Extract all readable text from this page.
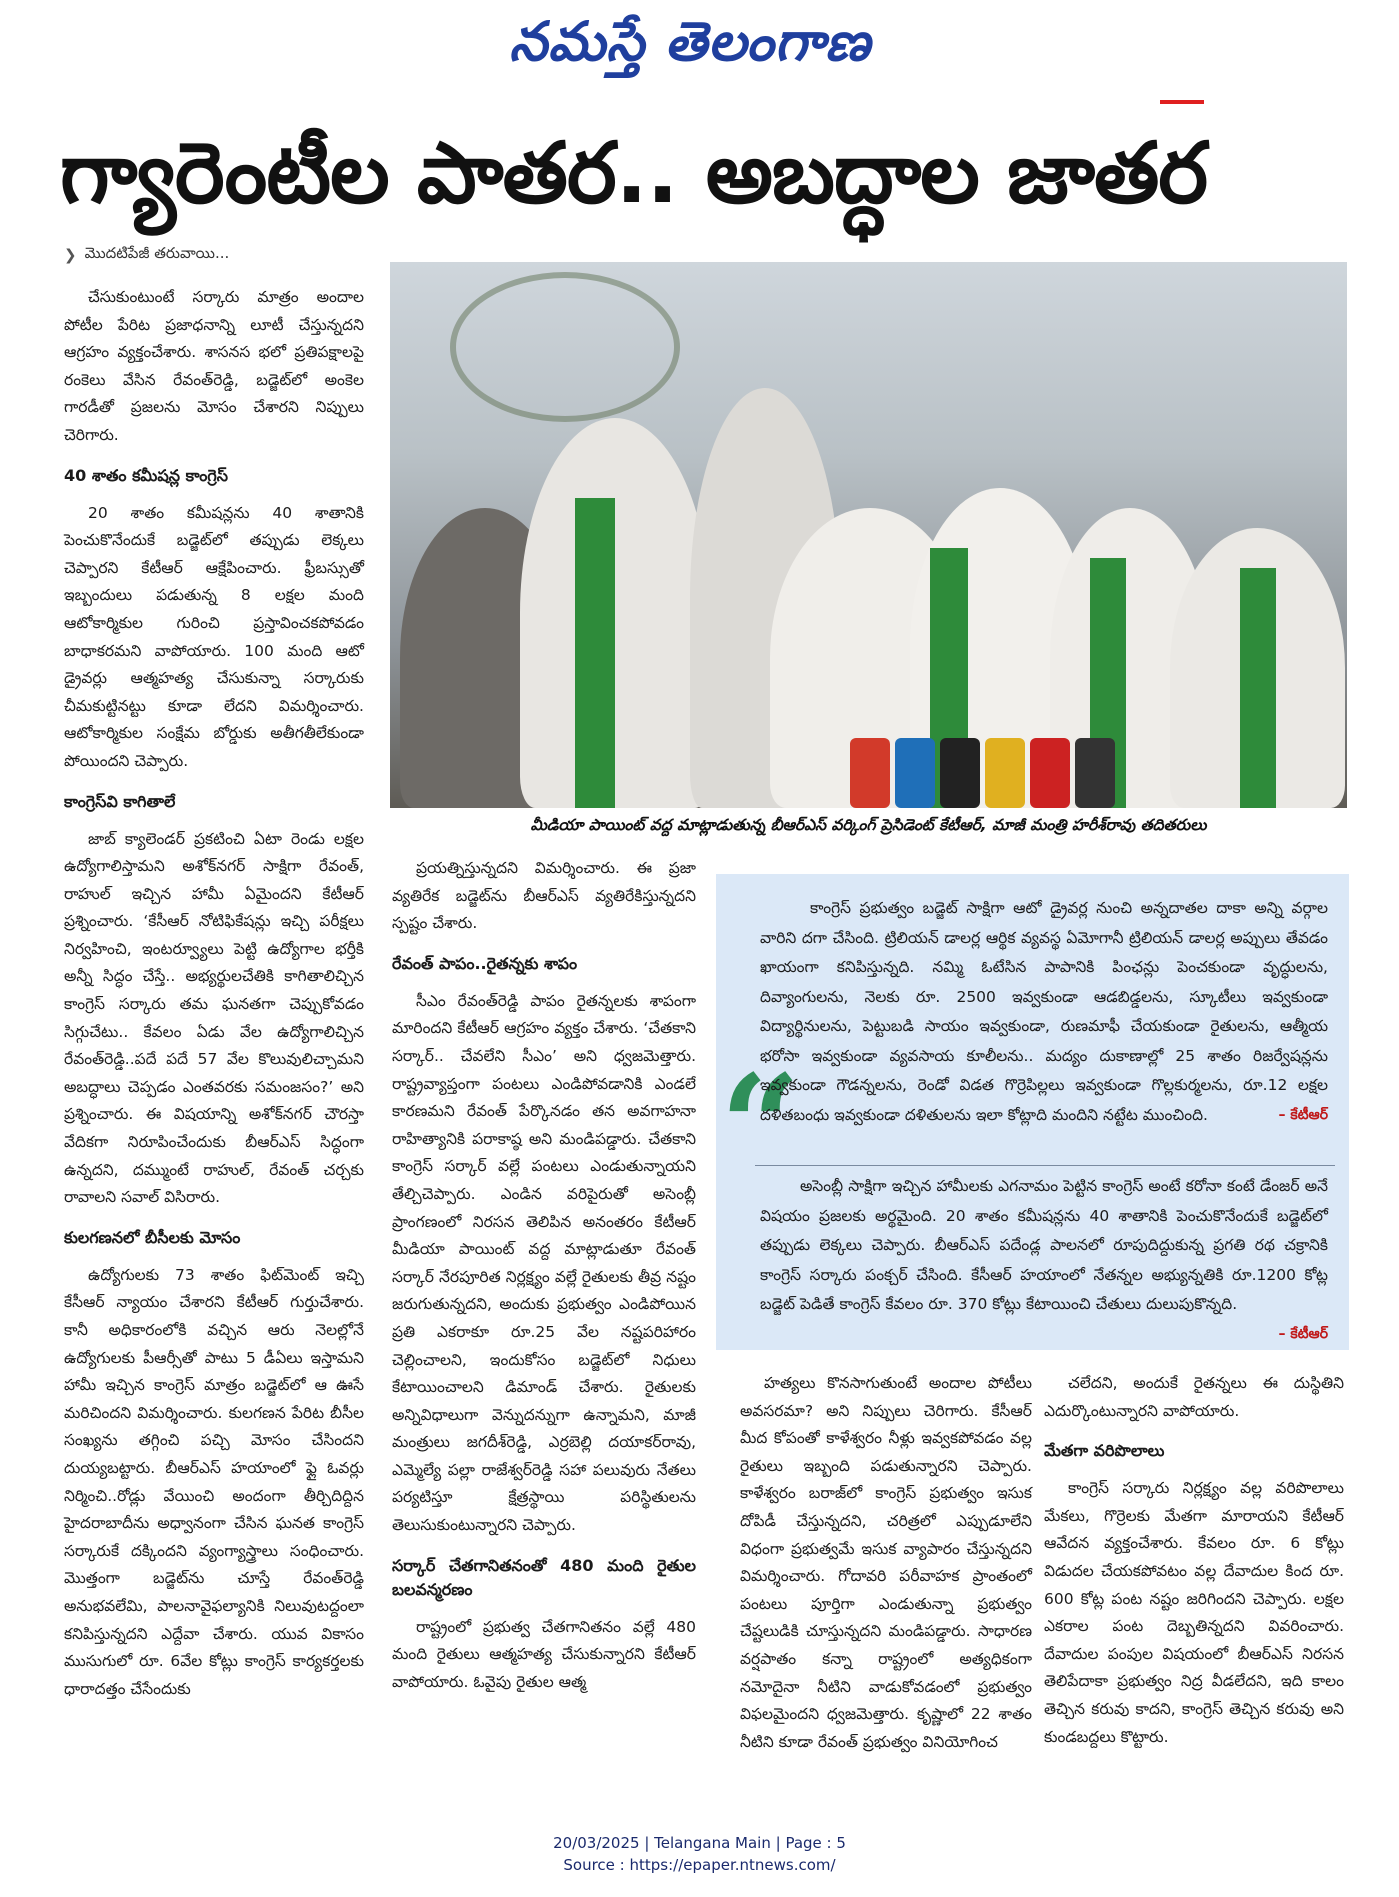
నమస్తే తెలంగాణ
గ్యారెంటీల పాతర.. అబద్ధాల జాతర
❯ మొదటిపేజీ తరువాయి...

చేసుకుంటుంటే సర్కారు మాత్రం అందాల పోటీల పేరిట ప్రజాధనాన్ని లూటీ చేస్తున్నదని ఆగ్రహం వ్యక్తంచేశారు. శాసనస భలో ప్రతిపక్షాలపై రంకెలు వేసిన రేవంత్‌రెడ్డి, బడ్జెట్‌లో అంకెల గారడీతో ప్రజలను మోసం చేశారని నిప్పులు చెరిగారు.

40 శాతం కమీషన్ల కాంగ్రెస్

20 శాతం కమీషన్లను 40 శాతానికి పెంచుకొనేందుకే బడ్జెట్‌లో తప్పుడు లెక్కలు చెప్పారని కేటీఆర్ ఆక్షేపించారు. ఫ్రీబస్సుతో ఇబ్బందులు పడుతున్న 8 లక్షల మంది ఆటోకార్మికుల గురించి ప్రస్తావించకపోవడం బాధాకరమని వాపోయారు. 100 మంది ఆటో డ్రైవర్లు ఆత్మహత్య చేసుకున్నా సర్కారుకు చీమకుట్టినట్టు కూడా లేదని విమర్శించారు. ఆటోకార్మికుల సంక్షేమ బోర్డుకు అతీగతీలేకుండా పోయిందని చెప్పారు.

కాంగ్రెస్‌వి కాగితాలే

జాబ్ క్యాలెండర్ ప్రకటించి ఏటా రెండు లక్షల ఉద్యోగాలిస్తామని అశోక్‌నగర్ సాక్షిగా రేవంత్, రాహుల్ ఇచ్చిన హామీ ఏమైందని కేటీఆర్ ప్రశ్నించారు. ‘కేసీఆర్ నోటిఫికేషన్లు ఇచ్చి పరీక్షలు నిర్వహించి, ఇంటర్వ్యూలు పెట్టి ఉద్యోగాల భర్తీకి అన్నీ సిద్ధం చేస్తే.. అభ్యర్థులచేతికి కాగితాలిచ్చిన కాంగ్రెస్ సర్కారు తమ ఘనతగా చెప్పుకోవడం సిగ్గుచేటు.. కేవలం ఏడు వేల ఉద్యోగాలిచ్చిన రేవంత్‌రెడ్డి..పదే పదే 57 వేల కొలువులిచ్చామని అబద్ధాలు చెప్పడం ఎంతవరకు సమంజసం?’ అని ప్రశ్నించారు. ఈ విషయాన్ని అశోక్‌నగర్ చౌరస్తా వేదికగా నిరూపించేందుకు బీఆర్ఎస్ సిద్ధంగా ఉన్నదని, దమ్ముంటే రాహుల్, రేవంత్ చర్చకు రావాలని సవాల్ విసిరారు.

కులగణనలో బీసీలకు మోసం

ఉద్యోగులకు 73 శాతం ఫిట్‌మెంట్ ఇచ్చి కేసీఆర్ న్యాయం చేశారని కేటీఆర్ గుర్తుచేశారు. కానీ అధికారంలోకి వచ్చిన ఆరు నెలల్లోనే ఉద్యోగులకు పీఆర్సీతో పాటు 5 డీఏలు ఇస్తామని హామీ ఇచ్చిన కాంగ్రెస్ మాత్రం బడ్జెట్‌లో ఆ ఊసే మరిచిందని విమర్శించారు. కులగణన పేరిట బీసీల సంఖ్యను తగ్గించి పచ్చి మోసం చేసిందని దుయ్యబట్టారు. బీఆర్ఎస్ హయాంలో ఫ్లై ఓవర్లు నిర్మించి..రోడ్లు వేయించి అందంగా తీర్చిదిద్దిన హైదరాబాదీను అధ్వానంగా చేసిన ఘనత కాంగ్రెస్ సర్కారుకే దక్కిందని వ్యంగ్యాస్త్రాలు సంధించారు. మొత్తంగా బడ్జెట్‌ను చూస్తే రేవంత్‌రెడ్డి అనుభవలేమి, పాలనావైఫల్యానికి నిలువుటద్దంలా కనిపిస్తున్నదని ఎద్దేవా చేశారు. యువ వికాసం ముసుగులో రూ. 6వేల కోట్లు కాంగ్రెస్ కార్యకర్తలకు ధారాదత్తం చేసేందుకు

మీడియా పాయింట్ వద్ద మాట్లాడుతున్న బీఆర్ఎస్ వర్కింగ్ ప్రెసిడెంట్ కేటీఆర్, మాజీ మంత్రి హరీశ్‌రావు తదితరులు

ప్రయత్నిస్తున్నదని విమర్శించారు. ఈ ప్రజా వ్యతిరేక బడ్జెట్‌ను బీఆర్ఎస్ వ్యతిరేకిస్తున్నదని స్పష్టం చేశారు.

రేవంత్ పాపం..రైతన్నకు శాపం

సీఎం రేవంత్‌రెడ్డి పాపం రైతన్నలకు శాపంగా మారిందని కేటీఆర్ ఆగ్రహం వ్యక్తం చేశారు. ‘చేతకాని సర్కార్.. చేవలేని సీఎం’ అని ధ్వజమెత్తారు. రాష్ట్రవ్యాప్తంగా పంటలు ఎండిపోవడానికి ఎండలే కారణమని రేవంత్ పేర్కొనడం తన అవగాహనా రాహిత్యానికి పరాకాష్ఠ అని మండిపడ్డారు. చేతకాని కాంగ్రెస్ సర్కార్ వల్లే పంటలు ఎండుతున్నాయని తేల్చిచెప్పారు. ఎండిన వరిపైరుతో అసెంబ్లీ ప్రాంగణంలో నిరసన తెలిపిన అనంతరం కేటీఆర్ మీడియా పాయింట్ వద్ద మాట్లాడుతూ రేవంత్ సర్కార్ నేరపూరిత నిర్లక్ష్యం వల్లే రైతులకు తీవ్ర నష్టం జరుగుతున్నదని, అందుకు ప్రభుత్వం ఎండిపోయిన ప్రతి ఎకరాకూ రూ.25 వేల నష్టపరిహారం చెల్లించాలని, ఇందుకోసం బడ్జెట్‌లో నిధులు కేటాయించాలని డిమాండ్ చేశారు. రైతులకు అన్నివిధాలుగా వెన్నుదన్నుగా ఉన్నామని, మాజీ మంత్రులు జగదీశ్‌రెడ్డి, ఎర్రబెల్లి దయాకర్‌రావు, ఎమ్మెల్యే పల్లా రాజేశ్వర్‌రెడ్డి సహా పలువురు నేతలు పర్యటిస్తూ క్షేత్రస్థాయి పరిస్థితులను తెలుసుకుంటున్నారని చెప్పారు.

సర్కార్ చేతగానితనంతో 480 మంది రైతుల బలవన్మరణం

రాష్ట్రంలో ప్రభుత్వ చేతగానితనం వల్లే 480 మంది రైతులు ఆత్మహత్య చేసుకున్నారని కేటీఆర్ వాపోయారు. ఓవైపు రైతుల ఆత్మ

“
కాంగ్రెస్ ప్రభుత్వం బడ్జెట్ సాక్షిగా ఆటో డ్రైవర్ల నుంచి అన్నదాతల దాకా అన్ని వర్గాల వారిని దగా చేసింది. ట్రిలియన్ డాలర్ల ఆర్థిక వ్యవస్థ ఏమోగానీ ట్రిలియన్ డాలర్ల అప్పులు తేవడం ఖాయంగా కనిపిస్తున్నది. నమ్మి ఓటేసిన పాపానికి పింఛన్లు పెంచకుండా వృద్ధులను, దివ్యాంగులను, నెలకు రూ. 2500 ఇవ్వకుండా ఆడబిడ్డలను, స్కూటీలు ఇవ్వకుండా విద్యార్థినులను, పెట్టుబడి సాయం ఇవ్వకుండా, రుణమాఫీ చేయకుండా రైతులను, ఆత్మీయ భరోసా ఇవ్వకుండా వ్యవసాయ కూలీలను.. మద్యం దుకాణాల్లో 25 శాతం రిజర్వేషన్లను ఇవ్వకుండా గౌడన్నలను, రెండో విడత గొర్రెపిల్లలు ఇవ్వకుండా గొల్లకుర్మలను, రూ.12 లక్షల దళితబంధు ఇవ్వకుండా దళితులను ఇలా కోట్లాది మందిని నట్టేట ముంచింది.	– కేటీఆర్
అసెంబ్లీ సాక్షిగా ఇచ్చిన హామీలకు ఎగనామం పెట్టిన కాంగ్రెస్ అంటే కరోనా కంటే డేంజర్ అనే విషయం ప్రజలకు అర్థమైంది. 20 శాతం కమీషన్లను 40 శాతానికి పెంచుకొనేందుకే బడ్జెట్‌లో తప్పుడు లెక్కలు చెప్పారు. బీఆర్ఎస్ పదేండ్ల పాలనలో రూపుదిద్దుకున్న ప్రగతి రథ చక్రానికి కాంగ్రెస్ సర్కారు పంక్చర్ చేసింది. కేసీఆర్ హయాంలో నేతన్నల అభ్యున్నతికి రూ.1200 కోట్ల బడ్జెట్ పెడితే కాంగ్రెస్ కేవలం రూ. 370 కోట్లు కేటాయించి చేతులు దులుపుకొన్నది.
– కేటీఆర్

హత్యలు కొనసాగుతుంటే అందాల పోటీలు అవసరమా? అని నిప్పులు చెరిగారు. కేసీఆర్ మీద కోపంతో కాళేశ్వరం నీళ్లు ఇవ్వకపోవడం వల్ల రైతులు ఇబ్బంది పడుతున్నారని చెప్పారు. కాళేశ్వరం బరాజ్‌లో కాంగ్రెస్ ప్రభుత్వం ఇసుక దోపిడీ చేస్తున్నదని, చరిత్రలో ఎప్పుడూలేని విధంగా ప్రభుత్వమే ఇసుక వ్యాపారం చేస్తున్నదని విమర్శించారు. గోదావరి పరీవాహక ప్రాంతంలో పంటలు పూర్తిగా ఎండుతున్నా ప్రభుత్వం చేష్టలుడికి చూస్తున్నదని మండిపడ్డారు. సాధారణ వర్షపాతం కన్నా రాష్ట్రంలో అత్యధికంగా నమోదైనా నీటిని వాడుకోవడంలో ప్రభుత్వం విఫలమైందని ధ్వజమెత్తారు. కృష్ణాలో 22 శాతం నీటిని కూడా రేవంత్ ప్రభుత్వం వినియోగించ

చలేదని, అందుకే రైతన్నలు ఈ దుస్థితిని ఎదుర్కొంటున్నారని వాపోయారు.

మేతగా వరిపొలాలు

కాంగ్రెస్ సర్కారు నిర్లక్ష్యం వల్ల వరిపొలాలు మేకలు, గొర్రెలకు మేతగా మారాయని కేటీఆర్ ఆవేదన వ్యక్తంచేశారు. కేవలం రూ. 6 కోట్లు విడుదల చేయకపోవటం వల్ల దేవాదుల కింద రూ. 600 కోట్ల పంట నష్టం జరిగిందని చెప్పారు. లక్షల ఎకరాల పంట దెబ్బతిన్నదని వివరించారు. దేవాదుల పంపుల విషయంలో బీఆర్ఎస్ నిరసన తెలిపేదాకా ప్రభుత్వం నిద్ర వీడలేదని, ఇది కాలం తెచ్చిన కరువు కాదని, కాంగ్రెస్ తెచ్చిన కరువు అని కుండబద్దలు కొట్టారు.

20/03/2025 | Telangana Main | Page : 5
Source : https://epaper.ntnews.com/
